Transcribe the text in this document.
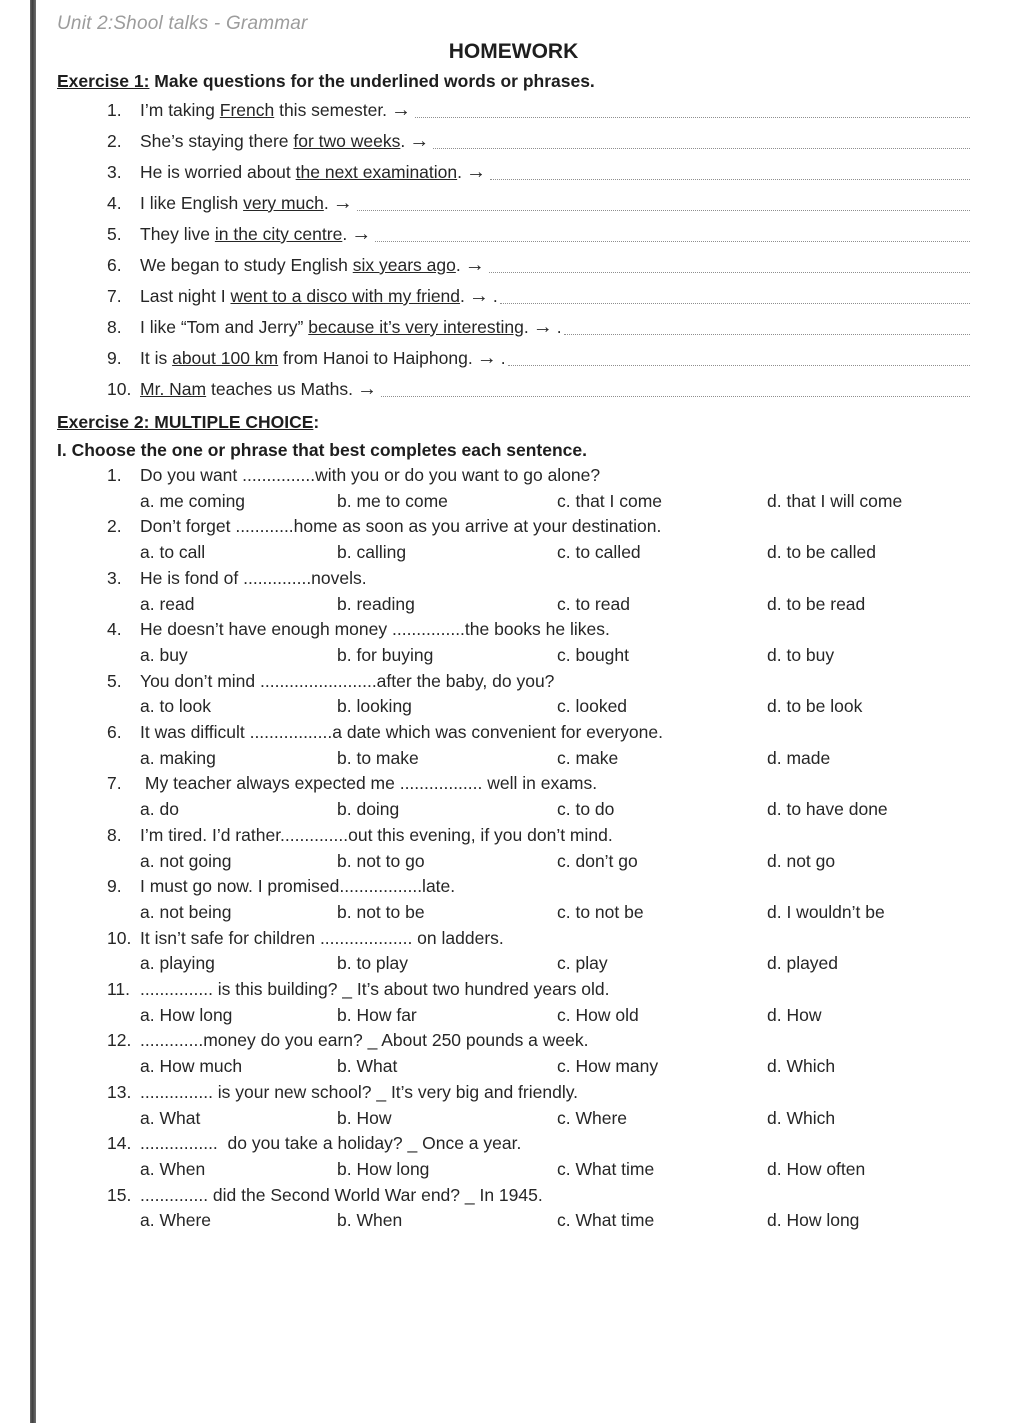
Unit 2:Shool talks - Grammar
HOMEWORK

Exercise 1: Make questions for the underlined words or phrases.

1.	I’m taking French this semester. →
2.	She’s staying there for two weeks. →
3.	He is worried about the next examination. →
4.	I like English very much. →
5.	They live in the city centre. →
6.	We began to study English six years ago. →
7.	Last night I went to a disco with my friend. → .
8.	I like “Tom and Jerry” because it’s very interesting. → .
9.	It is about 100 km from Hanoi to Haiphong. → .
10. Mr. Nam teaches us Maths. →

Exercise 2: MULTIPLE CHOICE:

I. Choose the one or phrase that best completes each sentence.

1.	Do you want ...............with you or do you want to go alone?
a. me coming	b. me to come	c. that I come	d. that I will come
2.	Don’t forget ............home as soon as you arrive at your destination.
a. to call	b. calling	c. to called	d. to be called
3.	He is fond of ..............novels.
a. read	b. reading	c. to read	d. to be read
4.	He doesn’t have enough money ...............the books he likes.
a. buy	b. for buying	c. bought	d. to buy
5.	You don’t mind ........................after the baby, do you?
a. to look	b. looking	c. looked	d. to be look
6.	It was difficult .................a date which was convenient for everyone.
a. making	b. to make	c. make	d. made
7.	My teacher always expected me ................. well in exams.
a. do	b. doing	c. to do	d. to have done
8.	I’m tired. I’d rather..............out this evening, if you don’t mind.
a. not going	b. not to go	c. don’t go	d. not go
9.	I must go now. I promised.................late.
a. not being	b. not to be	c. to not be	d. I wouldn’t be
10. It isn’t safe for children ................... on ladders.
a. playing	b. to play	c. play	d. played
11. ............... is this building? _ It’s about two hundred years old.
a. How long	b. How far	c. How old	d. How
12. .............money do you earn? _ About 250 pounds a week.
a. How much	b. What	c. How many	d. Which
13. ............... is your new school? _ It’s very big and friendly.
a. What	b. How	c. Where	d. Which
14. ................  do you take a holiday? _ Once a year.
a. When	b. How long	c. What time	d. How often
15. .............. did the Second World War end? _ In 1945.
a. Where	b. When	c. What time	d. How long
